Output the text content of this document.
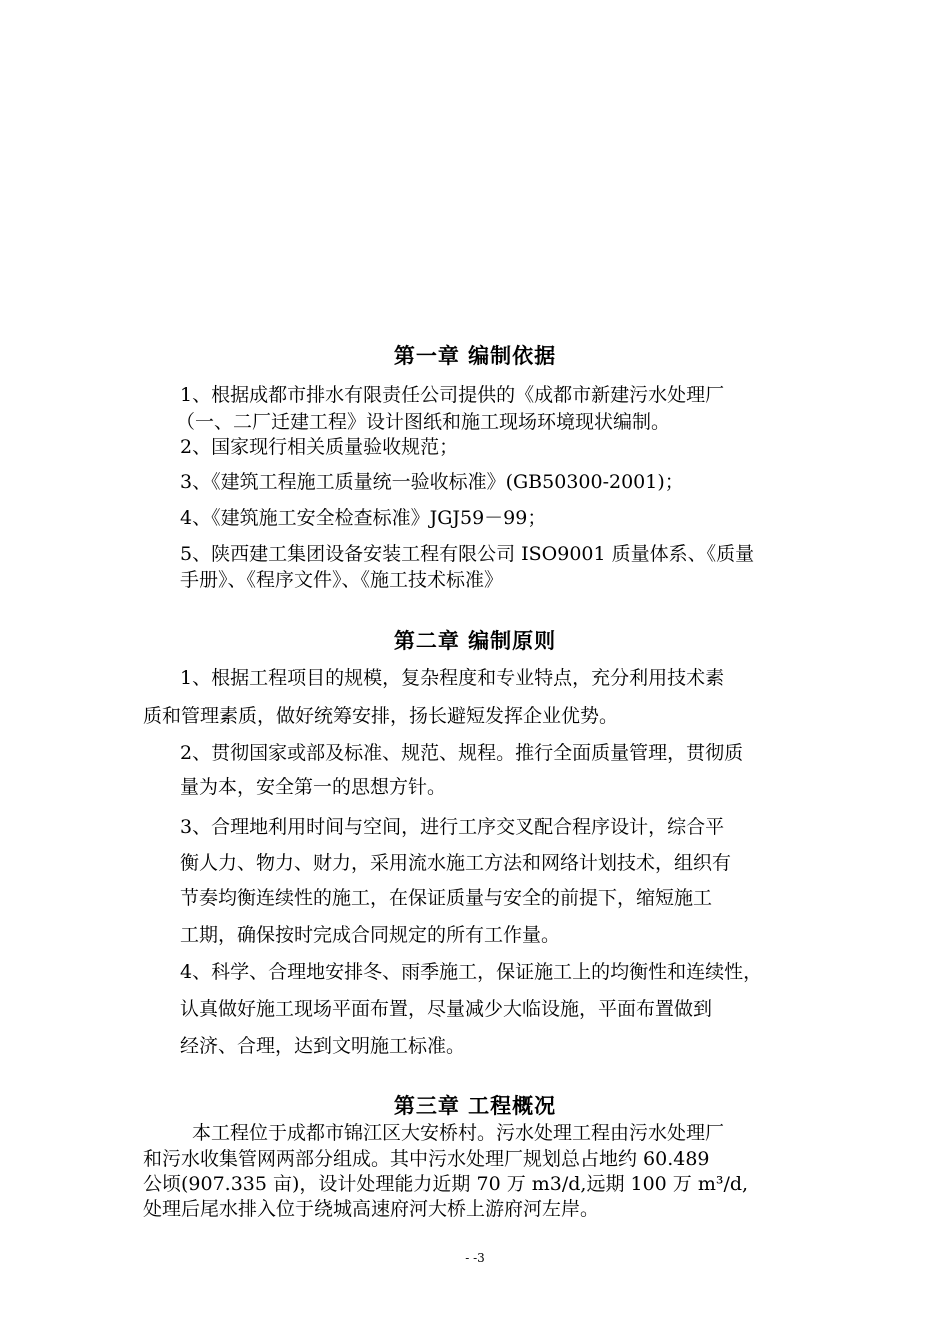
第一章 编制依据
1、根据成都市排水有限责任公司提供的《成都市新建污水处理厂
（一、二厂迁建工程》设计图纸和施工现场环境现状编制。
2、国家现行相关质量验收规范；
3、《建筑工程施工质量统一验收标准》(GB50300-2001)；
4、《建筑施工安全检查标准》JGJ59－99；
5、陕西建工集团设备安装工程有限公司 ISO9001 质量体系、《质量
手册》、《程序文件》、《施工技术标准》
第二章 编制原则
1、根据工程项目的规模，复杂程度和专业特点，充分利用技术素
质和管理素质，做好统筹安排，扬长避短发挥企业优势。
2、贯彻国家或部及标准、规范、规程。推行全面质量管理，贯彻质
量为本，安全第一的思想方针。
3、合理地利用时间与空间，进行工序交叉配合程序设计，综合平
衡人力、物力、财力，采用流水施工方法和网络计划技术，组织有
节奏均衡连续性的施工，在保证质量与安全的前提下，缩短施工
工期，确保按时完成合同规定的所有工作量。
4、科学、合理地安排冬、雨季施工，保证施工上的均衡性和连续性，
认真做好施工现场平面布置，尽量减少大临设施，平面布置做到
经济、合理，达到文明施工标准。
第三章 工程概况
本工程位于成都市锦江区大安桥村。污水处理工程由污水处理厂
和污水收集管网两部分组成。其中污水处理厂规划总占地约 60.489
公顷(907.335 亩)，设计处理能力近期 70 万 m3/d,远期 100 万 m³/d,
处理后尾水排入位于绕城高速府河大桥上游府河左岸。
- -3
